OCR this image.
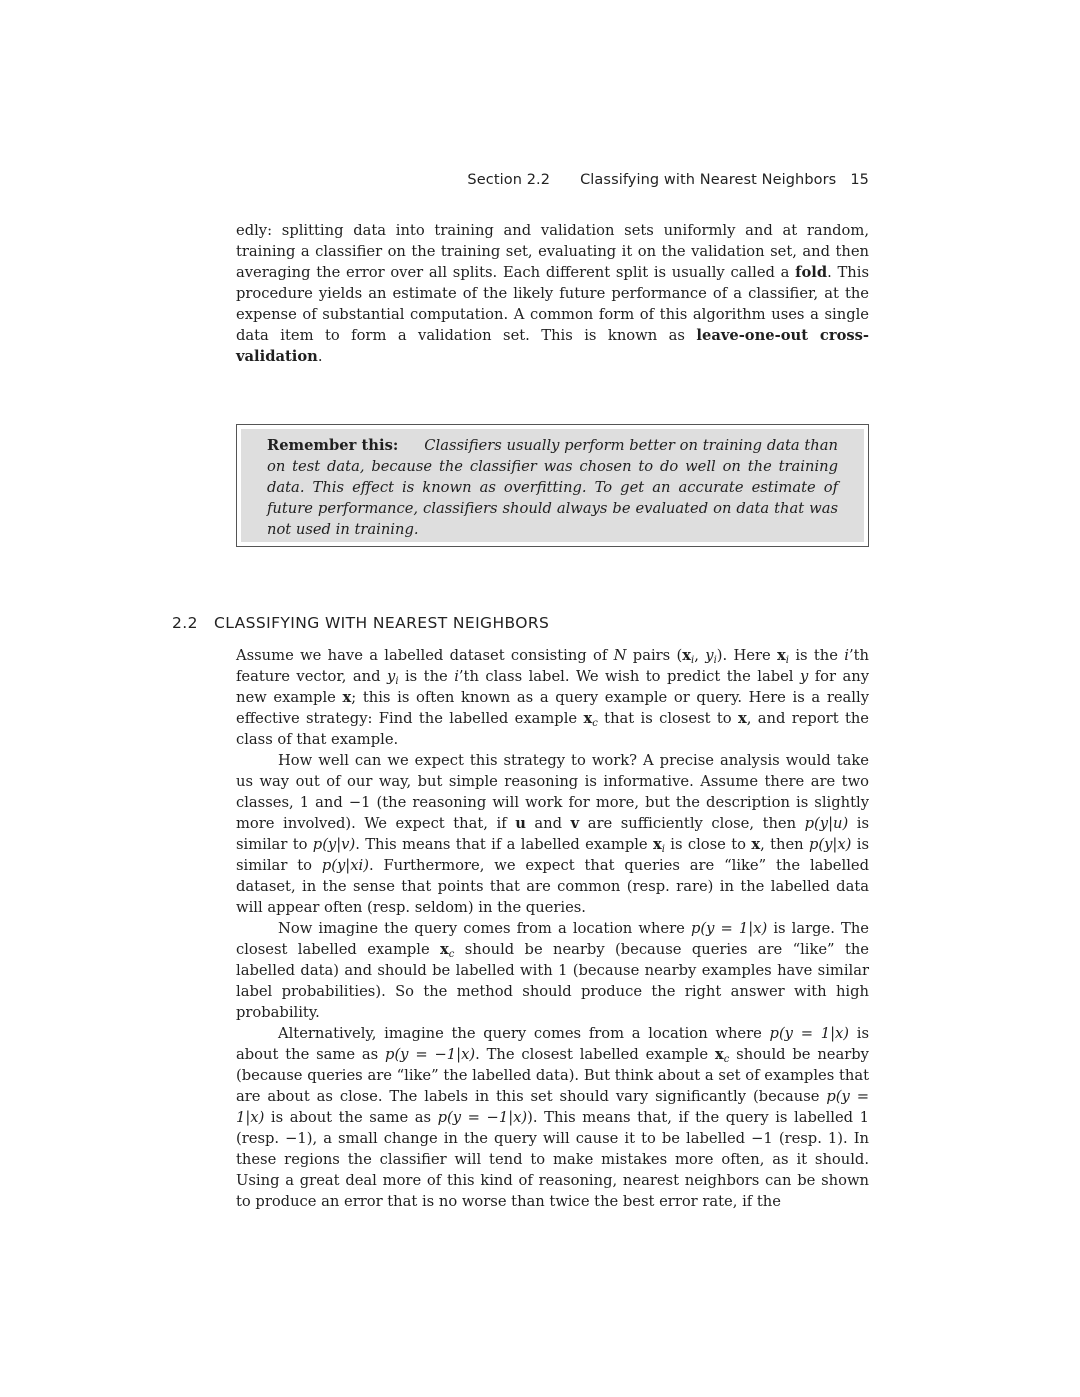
Section 2.2 Classifying with Nearest Neighbors 15

edly: splitting data into training and validation sets uniformly and at random, training a classifier on the training set, evaluating it on the validation set, and then averaging the error over all splits. Each different split is usually called a fold. This procedure yields an estimate of the likely future performance of a classifier, at the expense of substantial computation. A common form of this algorithm uses a single data item to form a validation set. This is known as leave-one-out cross-validation.

Remember this: Classifiers usually perform better on training data than on test data, because the classifier was chosen to do well on the training data. This effect is known as overfitting. To get an accurate estimate of future performance, classifiers should always be evaluated on data that was not used in training.
2.2 CLASSIFYING WITH NEAREST NEIGHBORS

Assume we have a labelled dataset consisting of N pairs ($x_i$, $y_i$). Here $x_i$ is the i’th feature vector, and $y_i$ is the i’th class label. We wish to predict the label y for any new example x; this is often known as a query example or query. Here is a really effective strategy: Find the labelled example $x_c$ that is closest to x, and report the class of that example.

How well can we expect this strategy to work? A precise analysis would take us way out of our way, but simple reasoning is informative. Assume there are two classes, 1 and −1 (the reasoning will work for more, but the description is slightly more involved). We expect that, if u and v are sufficiently close, then p(y|u) is similar to p(y|v). This means that if a labelled example $x_i$ is close to x, then p(y|x) is similar to p(y|xi). Furthermore, we expect that queries are “like” the labelled dataset, in the sense that points that are common (resp. rare) in the labelled data will appear often (resp. seldom) in the queries.

Now imagine the query comes from a location where p(y = 1|x) is large. The closest labelled example $x_c$ should be nearby (because queries are “like” the labelled data) and should be labelled with 1 (because nearby examples have similar label probabilities). So the method should produce the right answer with high probability.

Alternatively, imagine the query comes from a location where p(y = 1|x) is about the same as p(y = −1|x). The closest labelled example $x_c$ should be nearby (because queries are “like” the labelled data). But think about a set of examples that are about as close. The labels in this set should vary significantly (because p(y = 1|x) is about the same as p(y = −1|x)). This means that, if the query is labelled 1 (resp. −1), a small change in the query will cause it to be labelled −1 (resp. 1). In these regions the classifier will tend to make mistakes more often, as it should. Using a great deal more of this kind of reasoning, nearest neighbors can be shown to produce an error that is no worse than twice the best error rate, if the
